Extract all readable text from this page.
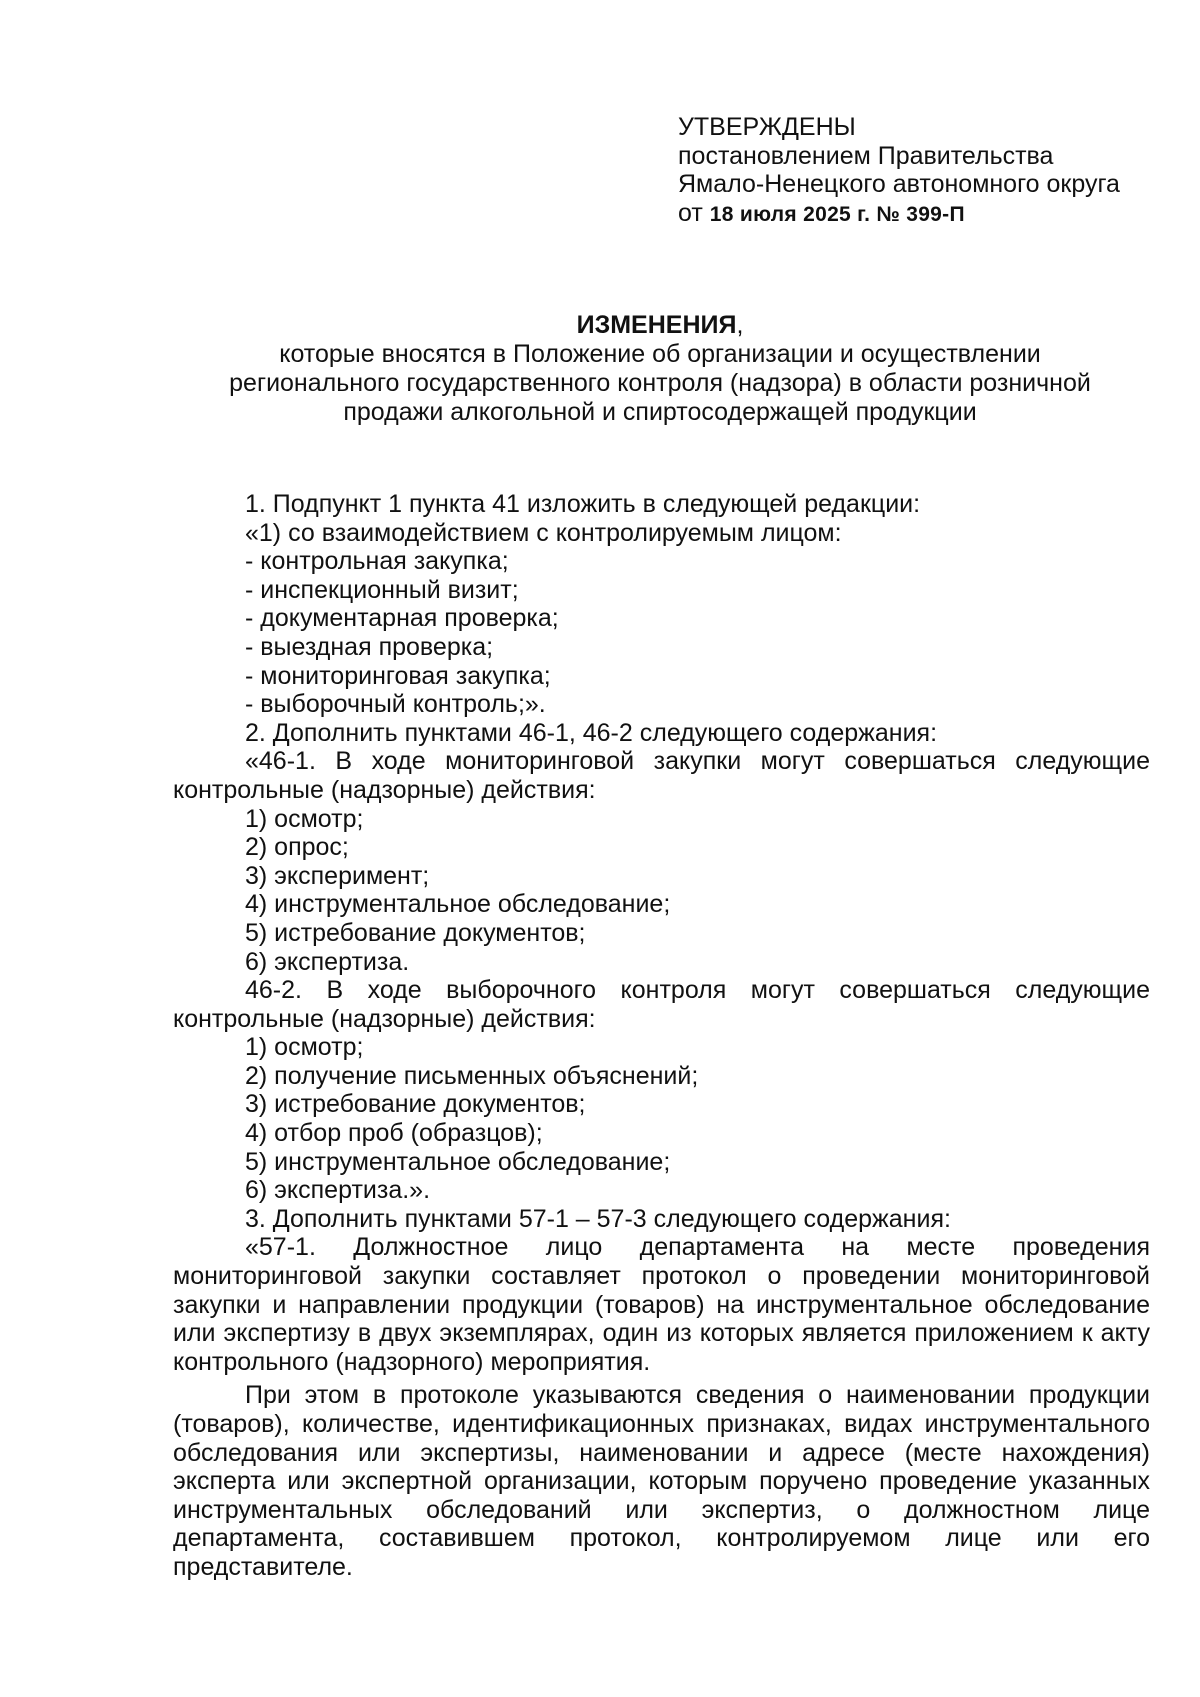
УТВЕРЖДЕНЫ

постановлением Правительства

Ямало-Ненецкого автономного округа

от 18 июля 2025 г. № 399-П

ИЗМЕНЕНИЯ,
которые вносятся в Положение об организации и осуществлении
регионального государственного контроля (надзора) в области розничной
продажи алкогольной и спиртосодержащей продукции

1. Подпункт 1 пункта 41 изложить в следующей редакции:

«1) со взаимодействием с контролируемым лицом:

- контрольная закупка;

- инспекционный визит;

- документарная проверка;

- выездная проверка;

- мониторинговая закупка;

- выборочный контроль;».

2. Дополнить пунктами 46-1, 46-2 следующего содержания:

«46-1. В ходе мониторинговой закупки могут совершаться следующие контрольные (надзорные) действия:

1) осмотр;

2) опрос;

3) эксперимент;

4) инструментальное обследование;

5) истребование документов;

6) экспертиза.

46-2. В ходе выборочного контроля могут совершаться следующие контрольные (надзорные) действия:

1) осмотр;

2) получение письменных объяснений;

3) истребование документов;

4) отбор проб (образцов);

5) инструментальное обследование;

6) экспертиза.».

3. Дополнить пунктами 57-1 – 57-3 следующего содержания:

«57-1. Должностное лицо департамента на месте проведения мониторинговой закупки составляет протокол о проведении мониторинговой закупки и направлении продукции (товаров) на инструментальное обследование или экспертизу в двух экземплярах, один из которых является приложением к акту контрольного (надзорного) мероприятия.

При этом в протоколе указываются сведения о наименовании продукции (товаров), количестве, идентификационных признаках, видах инструментального обследования или экспертизы, наименовании и адресе (месте нахождения) эксперта или экспертной организации, которым поручено проведение указанных инструментальных обследований или экспертиз, о должностном лице департамента, составившем протокол, контролируемом лице или его представителе.
